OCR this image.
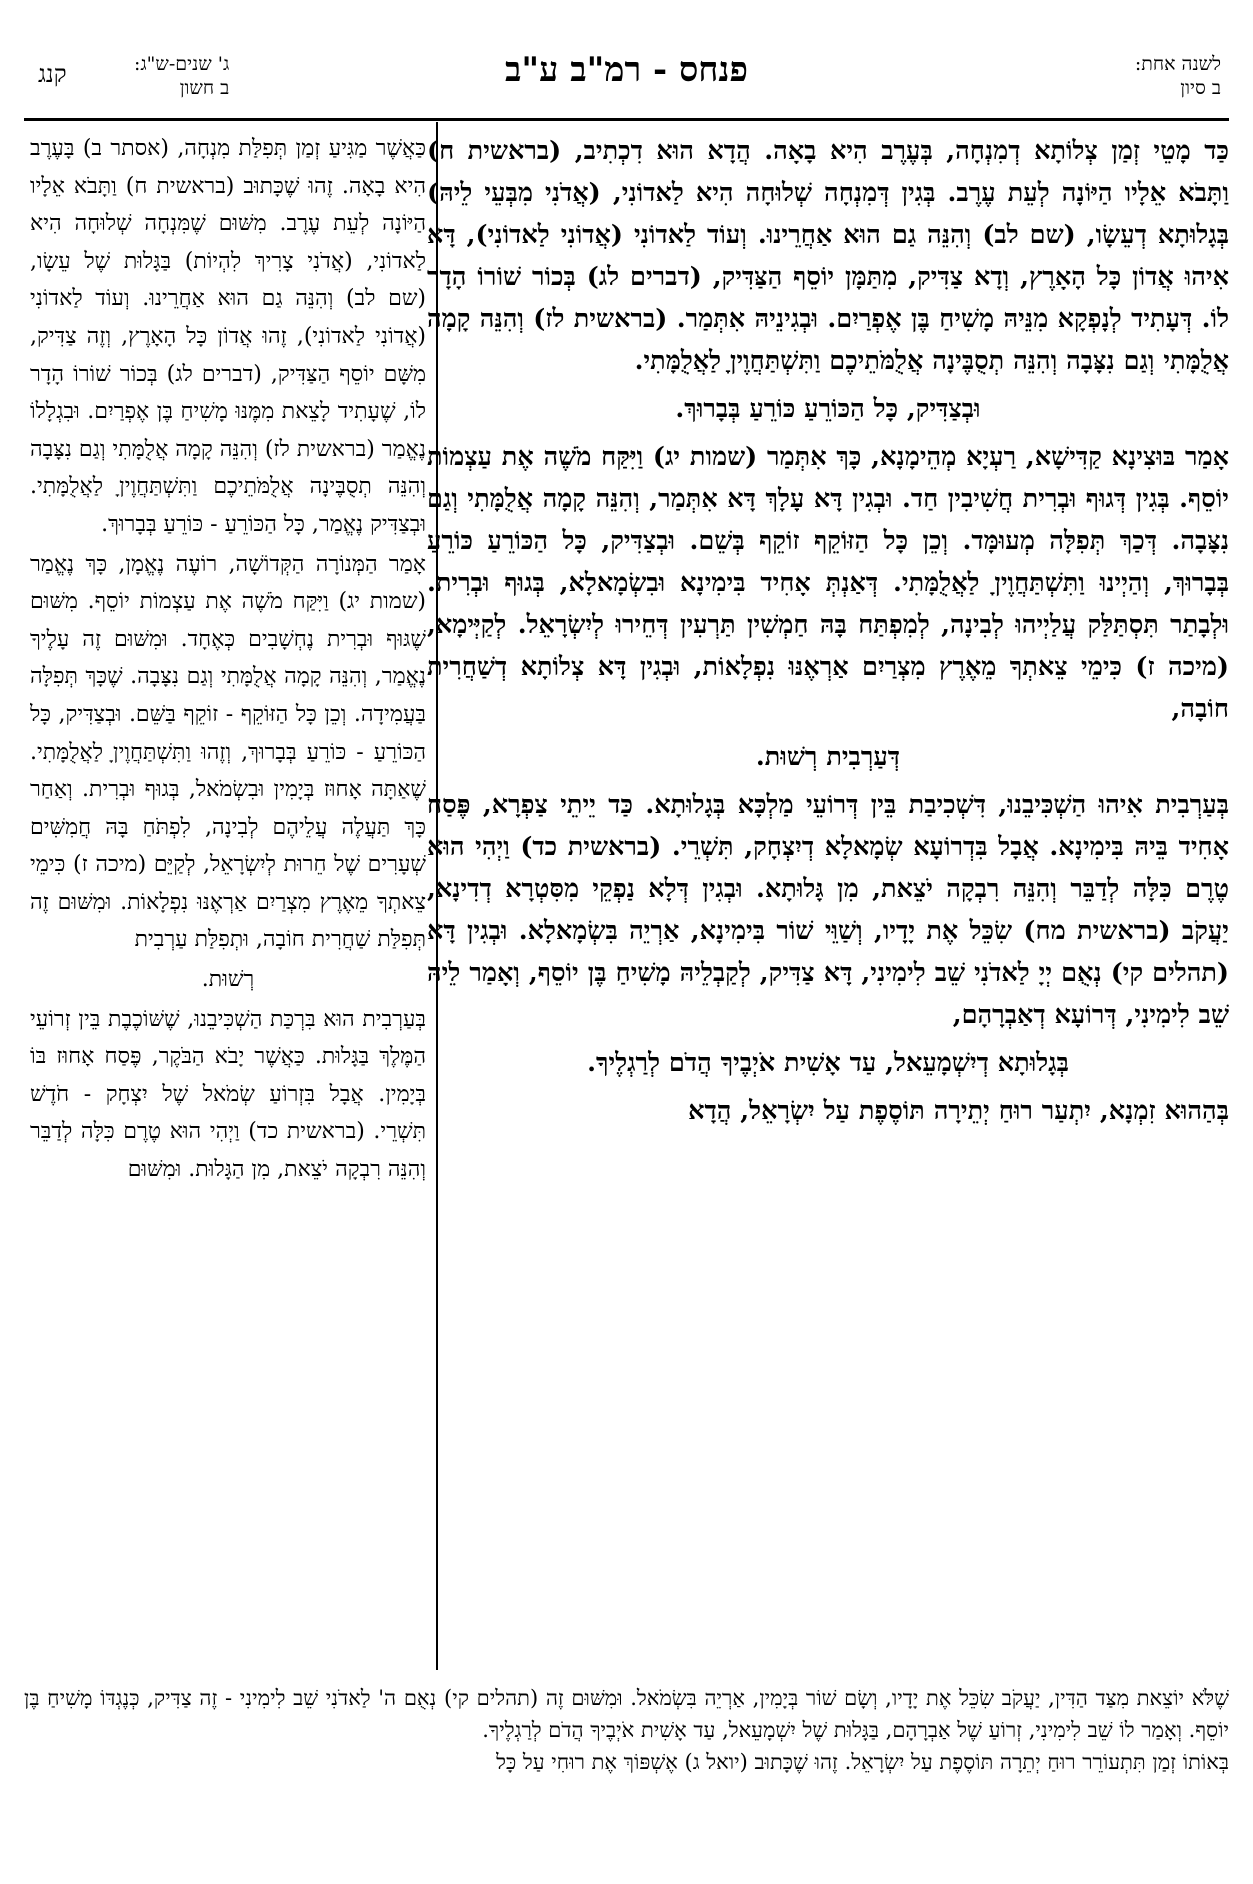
לשנה אחת:
ב סיון
פנחס - רמ"ב ע"ב
ג' שנים-ש"ג:
ב חשון
קנג

כַּד מָטֵי זְמַן צְלוֹתָא דְמִנְחָה, בְּעֶרֶב הִיא בָאָה. הֲדָא הוּא דִכְתִיב, (בראשית ח) וַתָּבֹא אֵלָיו הַיּוֹנָה לְעֵת עֶרֶב. בְּגִין דְּמִנְחָה שְׁלוּחָה הִיא לַאדוֹנִי, (אֲדֹנִי מִבְּעֵי לֵיהּ) בְּגָלוּתָא דְעֵשָׂו, (שם לב) וְהִנֵּה גַם הוּא אַחֲרֵינוּ. וְעוֹד לַאדוֹנִי (אֲדוֹנִי לַאדוֹנִי), דָּא אִיהוּ אֲדוֹן כָּל הָאָרֶץ, וְדָא צַדִּיק, מִתַּמָּן יוֹסֵף הַצַּדִּיק, (דברים לג) בְּכוֹר שׁוֹרוֹ הָדָר לוֹ. דְּעָתִיד לְנָפְקָא מִנֵּיהּ מָשִׁיחַ בֶּן אֶפְרַיִם. וּבְגִינֵיהּ אִתְּמַר. (בראשית לז) וְהִנֵּה קָמָה אֲלֻמָּתִי וְגַם נִצָּבָה וְהִנֵּה תְסֻבֶּינָה אֲלֻמֹּתֵיכֶם וַתִּשְׁתַּחֲוֶיןָ לַאֲלֻמָּתִי.

וּבְצַדִּיק, כָּל הַכּוֹרֵעַ כּוֹרֵעַ בְּבָרוּךְ.

אָמַר בּוּצִינָא קַדִּישָׁא, רַעְיָא מְהֵימָנָא, כָּךְ אִתְּמַר (שמות יג) וַיִּקַּח מֹשֶׁה אֶת עַצְמוֹת יוֹסֵף. בְּגִין דְּגוּף וּבְרִית חֲשִׁיבִין חַד. וּבְגִין דָּא עָלָךְ דָּא אִתְּמַר, וְהִנֵּה קָמָה אֲלֻמָּתִי וְגַם נִצָּבָה. דְּכַךְ תְּפִלָּה מְעוּמָּד. וְכֵן כָּל הַזּוֹקֵף זוֹקֵף בְּשֵׁם. וּבְצַדִּיק, כָּל הַכּוֹרֵעַ כּוֹרֵעַ בְּבָרוּךְ, וְהַיְינוּ וַתִּשְׁתַּחֲוֶיןָ לַאֲלֻמָּתִי. דְּאַנְתְּ אָחִיד בִּימִינָא וּבִשְׂמָאלָא, בְּגוּף וּבְרִית. וּלְבָתַר תִּסְתַּלַּק עֲלַיְיהוּ לְבִינָה, לְמִפְתַּח בָּהּ חַמְשִׁין תַּרְעִין דְּחֵירוּ לְיִשְׂרָאֵל. לְקַיְּימָא, (מיכה ז) כִּימֵי צֵאתְךָ מֵאֶרֶץ מִצְרַיִם אַרְאֶנּוּ נִפְלָאוֹת, וּבְגִין דָּא צְלוֹתָא דְשַׁחֲרִית חוֹבָה,

דְּעַרְבִית רְשׁוּת.

בְּעַרְבִית אִיהוּ הַשְׁכִּיבֵנוּ, דִּשְׁכִיבַת בֵּין דְּרוֹעֵי מַלְכָּא בְּגָלוּתָא. כַּד יֵיתֵי צַפְרָא, פֶּסַח אָחִיד בֵּיהּ בִּימִינָא. אֲבָל בִּדְרוֹעָא שְׂמָאלָא דְיִצְחָק, תִּשְׁרֵי. (בראשית כד) וַיְהִי הוּא טֶרֶם כִּלָּה לְדַבֵּר וְהִנֵּה רִבְקָה יֹצֵאת, מִן גָּלוּתָא. וּבְגִין דְּלָא נַפְקֵי מִסִּטְרָא דְדִינָא, יַעֲקֹב (בראשית מח) שִׂכֵּל אֶת יָדָיו, וְשַׁוֵּי שׁוֹר בִּימִינָא, אַרְיֵה בִּשְׂמָאלָא. וּבְגִין דָּא (תהלים קי) נְאֻם יְיָ לַאדֹנִי שֵׁב לִימִינִי, דָּא צַדִּיק, לְקַבְלֵיהּ מָשִׁיחַ בֶּן יוֹסֵף, וְאָמַר לֵיהּ שֵׁב לִימִינִי, דְּרוֹעָא דְאַבְרָהָם,

בְּגָלוּתָא דְיִשְׁמָעֵאל, עַד אָשִׁית אֹיְבֶיךָ הֲדֹם לְרַגְלֶיךָ.

בְּהַהוּא זִמְנָא, יִתְעַר רוּחַ יְתֵירָה תּוֹסֶפֶת עַל יִשְׂרָאֵל, הֲדָא

כַּאֲשֶׁר מַגִּיעַ זְמַן תְּפִלַּת מִנְחָה, (אסתר ב) בָּעֶרֶב הִיא בָאָה. זֶהוּ שֶׁכָּתוּב (בראשית ח) וַתָּבֹא אֵלָיו הַיּוֹנָה לְעֵת עֶרֶב. מִשּׁוּם שֶׁמִּנְחָה שְׁלוּחָה הִיא לַאדוֹנִי, (אֲדֹנִי צָרִיךְ לִהְיוֹת) בַּגָּלוּת שֶׁל עֵשָׂו, (שם לב) וְהִנֵּה גַם הוּא אַחֲרֵינוּ. וְעוֹד לַאדוֹנִי (אֲדוֹנִי לַאדוֹנִי), זֶהוּ אֲדוֹן כָּל הָאָרֶץ, וְזֶה צַדִּיק, מִשָּׁם יוֹסֵף הַצַּדִּיק, (דברים לג) בְּכוֹר שׁוֹרוֹ הָדָר לוֹ, שֶׁעָתִיד לָצֵאת מִמֶּנּוּ מָשִׁיחַ בֶּן אֶפְרַיִם. וּבִגְלָלוֹ נֶאֱמַר (בראשית לז) וְהִנֵּה קָמָה אֲלֻמָּתִי וְגַם נִצָּבָה וְהִנֵּה תְסֻבֶּינָה אֲלֻמֹּתֵיכֶם וַתִּשְׁתַּחֲוֶיןָ לַאֲלֻמָּתִי. וּבְצַדִּיק נֶאֱמַר, כָּל הַכּוֹרֵעַ - כּוֹרֵעַ בְּבָרוּךְ.

אָמַר הַמְּנוֹרָה הַקְּדוֹשָׁה, רוֹעֶה נֶאֱמָן, כָּךְ נֶאֱמַר (שמות יג) וַיִּקַּח מֹשֶׁה אֶת עַצְמוֹת יוֹסֵף. מִשּׁוּם שֶׁגּוּף וּבְרִית נֶחְשָׁבִים כְּאֶחָד. וּמִשּׁוּם זֶה עָלֶיךָ נֶאֱמַר, וְהִנֵּה קָמָה אֲלֻמָּתִי וְגַם נִצָּבָה. שֶׁכָּךְ תְּפִלָּה בַּעֲמִידָה. וְכֵן כָּל הַזּוֹקֵף - זוֹקֵף בַּשֵּׁם. וּבְצַדִּיק, כָּל הַכּוֹרֵעַ - כּוֹרֵעַ בְּבָרוּךְ, וְזֶהוּ וַתִּשְׁתַּחֲוֶיןָ לַאֲלֻמָּתִי. שֶׁאַתָּה אָחוּז בְּיָמִין וּבִשְׂמֹאל, בְּגוּף וּבְרִית. וְאַחַר כָּךְ תַּעֲלֶה עֲלֵיהֶם לְבִינָה, לִפְתֹּחַ בָּהּ חֲמִשִּׁים שְׁעָרִים שֶׁל חֵרוּת לְיִשְׂרָאֵל, לְקַיֵּם (מיכה ז) כִּימֵי צֵאתְךָ מֵאֶרֶץ מִצְרַיִם אַרְאֶנּוּ נִפְלָאוֹת. וּמִשּׁוּם זֶה תְּפִלַּת שַׁחֲרִית חוֹבָה, וּתְפִלַּת עַרְבִית

רְשׁוּת.

בְּעַרְבִית הוּא בִּרְכַּת הַשְׁכִּיבֵנוּ, שֶׁשּׁוֹכֶבֶת בֵּין זְרוֹעֵי הַמֶּלֶךְ בַּגָּלוּת. כַּאֲשֶׁר יָבֹא הַבֹּקֶר, פֶּסַח אָחוּז בּוֹ בְּיָמִין. אֲבָל בִּזְרוֹעַ שְׂמֹאל שֶׁל יִצְחָק - חֹדֶשׁ תִּשְׁרֵי. (בראשית כד) וַיְהִי הוּא טֶרֶם כִּלָּה לְדַבֵּר וְהִנֵּה רִבְקָה יֹצֵאת, מִן הַגָּלוּת. וּמִשּׁוּם

שֶׁלֹּא יוֹצֵאת מִצַּד הַדִּין, יַעֲקֹב שִׂכֵּל אֶת יָדָיו, וְשָׂם שׁוֹר בְּיָמִין, אַרְיֵה בִּשְׂמֹאל. וּמִשּׁוּם זֶה (תהלים קי) נְאֻם ה' לַאדֹנִי שֵׁב לִימִינִי - זֶה צַדִּיק, כְּנֶגְדּוֹ מָשִׁיחַ בֶּן יוֹסֵף. וְאָמַר לוֹ שֵׁב לִימִינִי, זְרוֹעַ שֶׁל אַבְרָהָם, בַּגָּלוּת שֶׁל יִשְׁמָעֵאל, עַד אָשִׁית אֹיְבֶיךָ הֲדֹם לְרַגְלֶיךָ.

בְּאוֹתוֹ זְמַן תִּתְעוֹרֵר רוּחַ יְתֵרָה תּוֹסֶפֶת עַל יִשְׂרָאֵל. זֶהוּ שֶׁכָּתוּב (יואל ג) אֶשְׁפּוֹךְ אֶת רוּחִי עַל כָּל
